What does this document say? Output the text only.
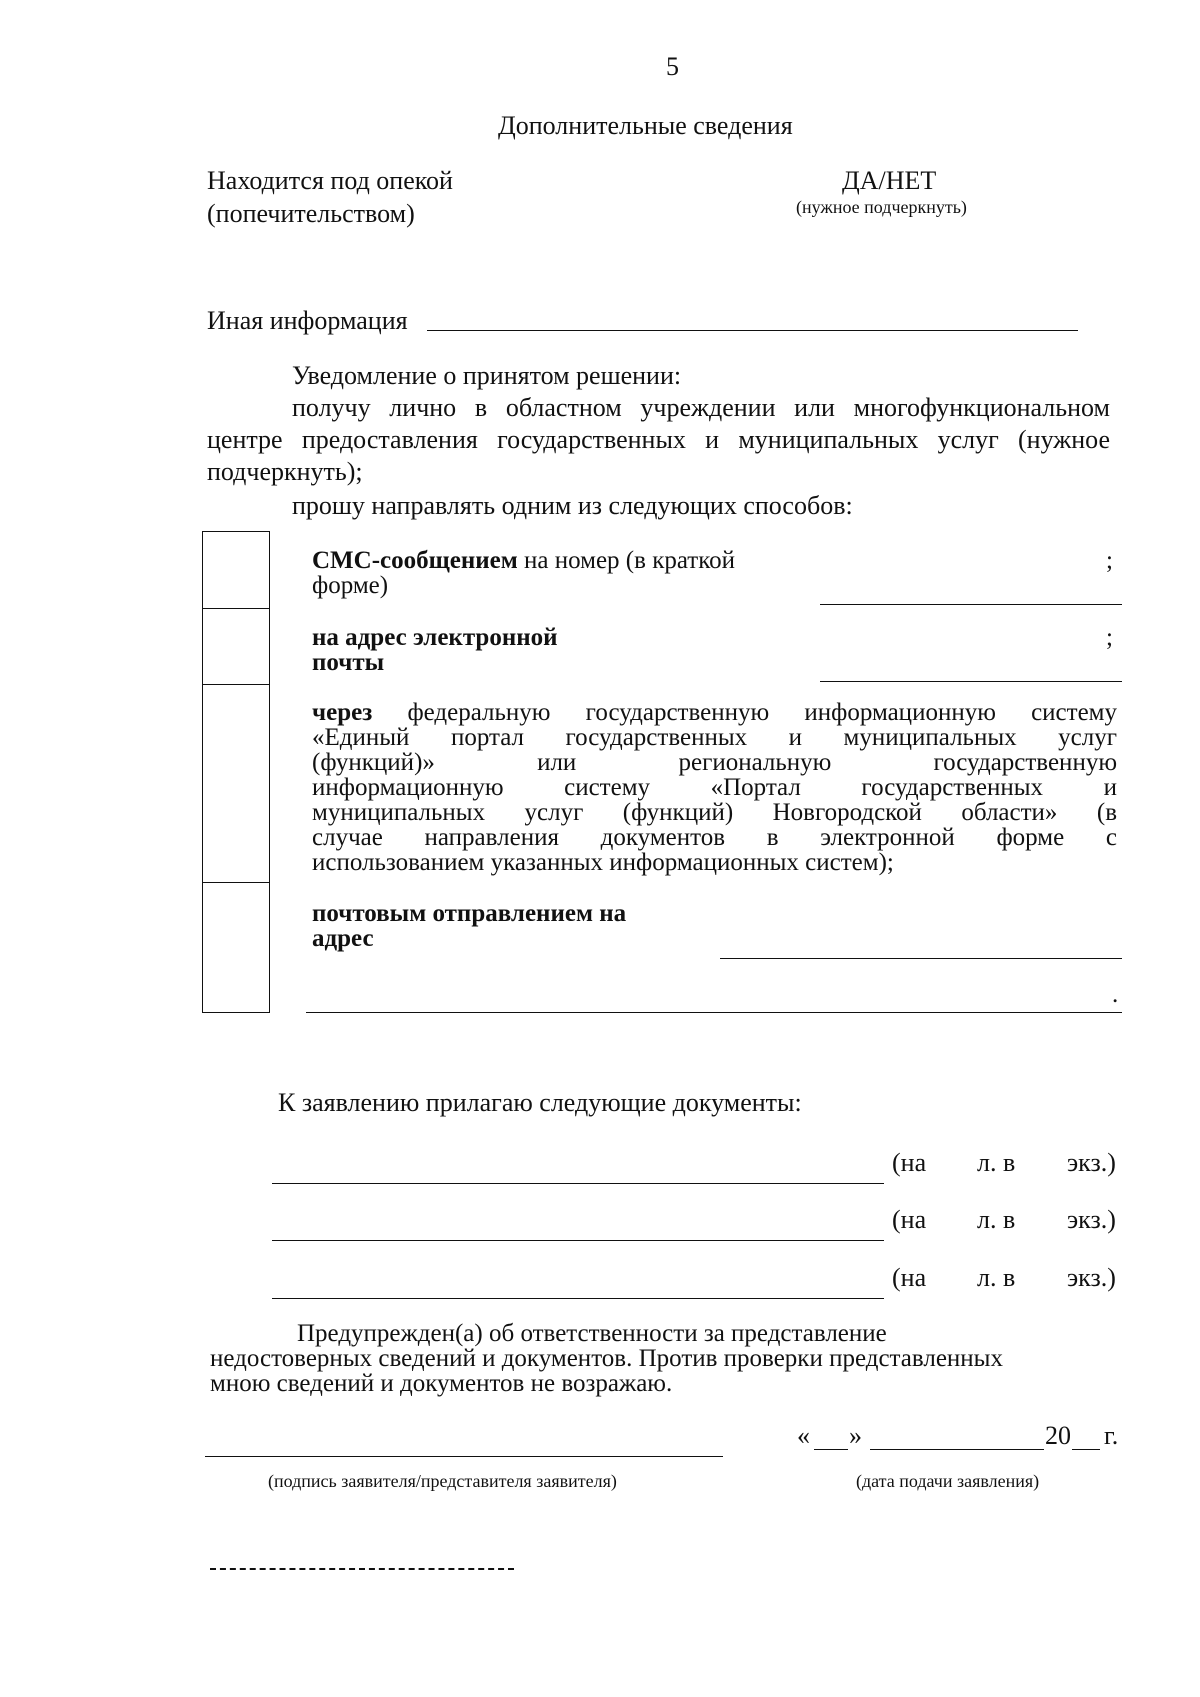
5
Дополнительные сведения
Находится под опекой
(попечительством)
ДА/НЕТ
(нужное подчеркнуть)
Иная информация
Уведомление о принятом решении:
получу лично в областном учреждении или многофункциональном
центре предоставления государственных и муниципальных услуг (нужное
подчеркнуть);
прошу направлять одним из следующих способов:
СМС-сообщением на номер (в краткой
форме)
;
на адрес электронной
почты
;
через федеральную государственную информационную систему
«Единый портал государственных и муниципальных услуг
(функций)» или региональную государственную
информационную систему «Портал государственных и
муниципальных услуг (функций) Новгородской области» (в
случае направления документов в электронной форме с
использованием указанных информационных систем);
почтовым отправлением на
адрес
.
К заявлению прилагаю следующие документы:
(на л. в экз.)
(на л. в экз.)
(на л. в экз.)
Предупрежден(а) об ответственности за представление
недостоверных сведений и документов. Против проверки представленных
мною сведений и документов не возражаю.
« »	20 г.
(подпись заявителя/представителя заявителя)	(дата подачи заявления)
